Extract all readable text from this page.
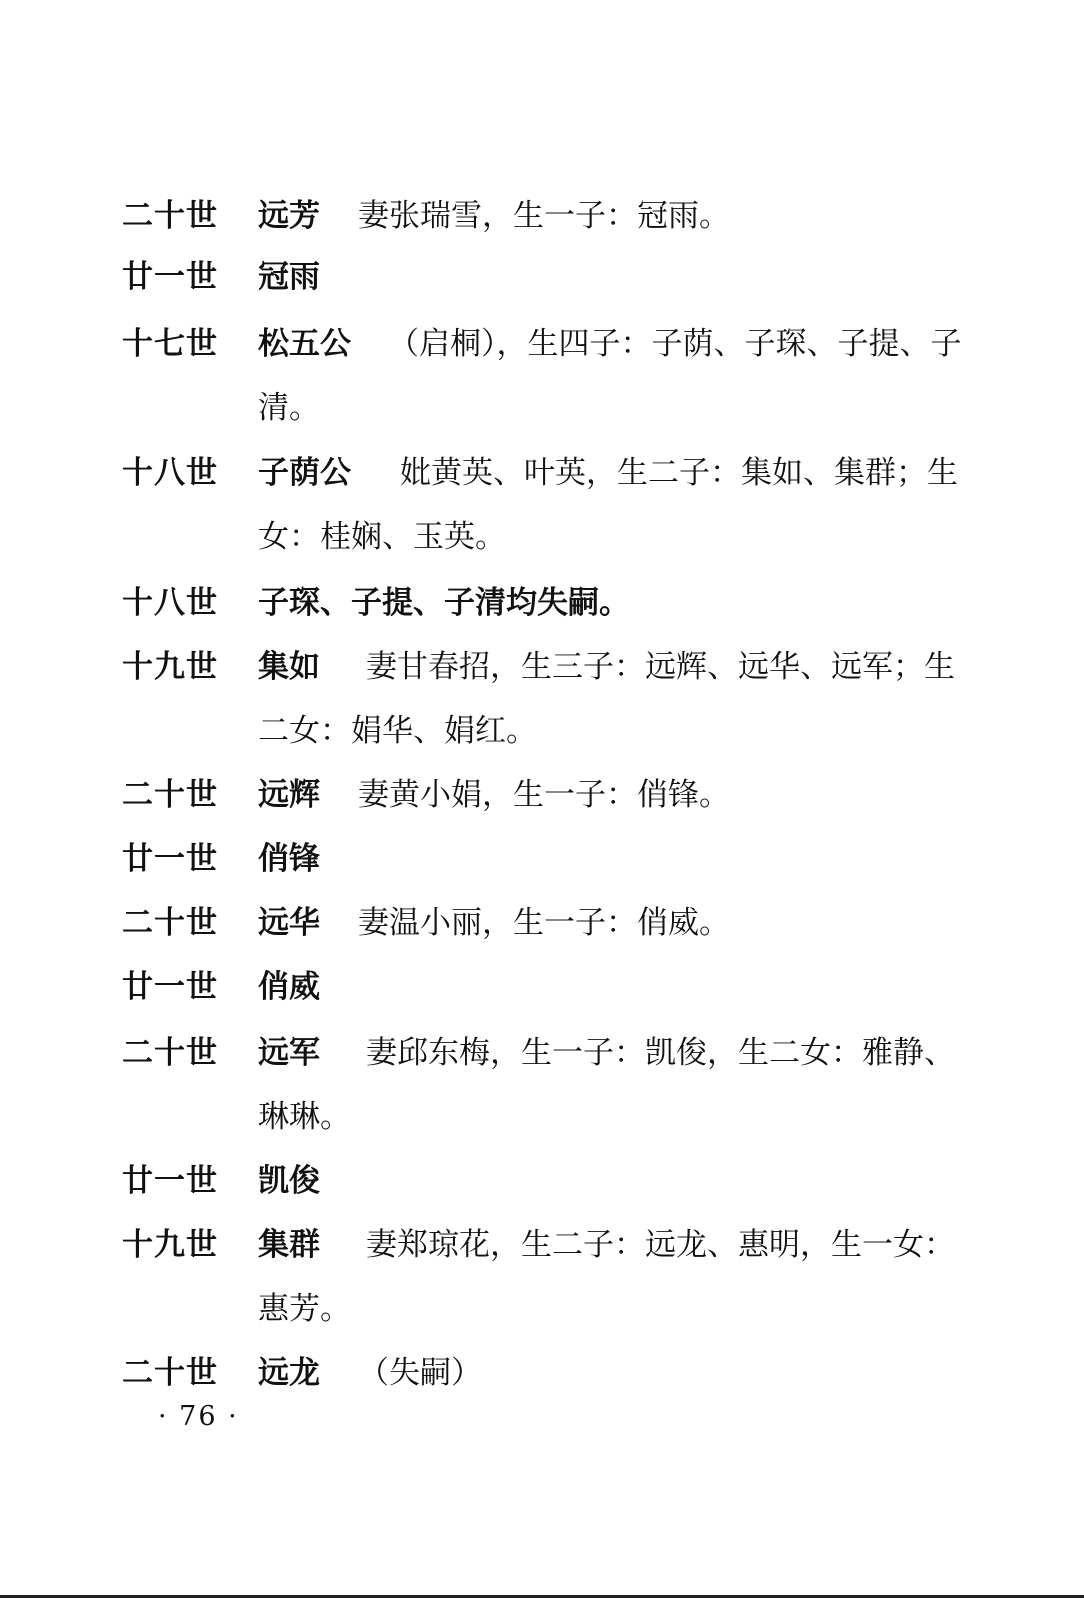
二十世 远芳 妻张瑞雪，生一子：冠雨。
廿一世 冠雨
十七世 松五公 （启桐），生四子：子荫、子琛、子提、子
清。
十八世 子荫公 妣黄英、叶英，生二子：集如、集群；生
女：桂娴、玉英。
十八世 子琛、子提、子清均失嗣。
十九世 集如 妻甘春招，生三子：远辉、远华、远军；生
二女：娟华、娟红。
二十世 远辉 妻黄小娟，生一子：俏锋。
廿一世 俏锋
二十世 远华 妻温小丽，生一子：俏威。
廿一世 俏威
二十世 远军 妻邱东梅，生一子：凯俊，生二女：雅静、
琳琳。
廿一世 凯俊
十九世 集群 妻郑琼花，生二子：远龙、惠明，生一女：
惠芳。
二十世 远龙 （失嗣）
· 76 ·
